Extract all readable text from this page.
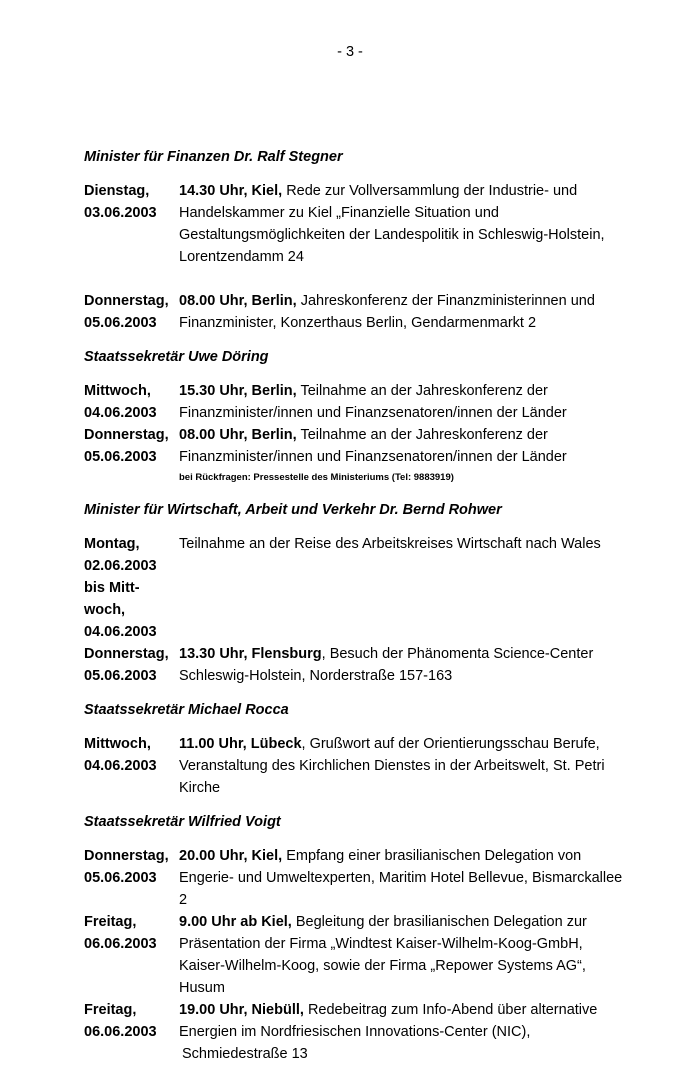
- 3 -
Minister für Finanzen Dr. Ralf Stegner
Dienstag,
03.06.2003
14.30 Uhr, Kiel, Rede zur Vollversammlung der Industrie- und Handelskammer zu Kiel „Finanzielle Situation und Gestaltungsmöglichkeiten der Landespolitik in Schleswig-Holstein, Lorentzendamm 24
Donnerstag,
05.06.2003
08.00 Uhr, Berlin, Jahreskonferenz der Finanzministerinnen und Finanzminister, Konzerthaus Berlin, Gendarmenmarkt 2
Staatssekretär Uwe Döring
Mittwoch,
04.06.2003
15.30 Uhr, Berlin, Teilnahme an der Jahreskonferenz der Finanzminister/innen und Finanzsenatoren/innen der Länder
Donnerstag,
05.06.2003
08.00 Uhr, Berlin, Teilnahme an der Jahreskonferenz der Finanzminister/innen und Finanzsenatoren/innen der Länder
bei Rückfragen: Pressestelle des Ministeriums (Tel: 9883919)
Minister für Wirtschaft, Arbeit und Verkehr Dr. Bernd Rohwer
Montag,
02.06.2003
bis Mitt-
woch,
04.06.2003
Teilnahme an der Reise des Arbeitskreises Wirtschaft nach Wales
Donnerstag,
05.06.2003
13.30 Uhr, Flensburg, Besuch der Phänomenta Science-Center Schleswig-Holstein, Norderstraße 157-163
Staatssekretär Michael Rocca
Mittwoch,
04.06.2003
11.00 Uhr, Lübeck, Grußwort auf der Orientierungsschau Berufe, Veranstaltung des Kirchlichen Dienstes in der Arbeitswelt, St. Petri Kirche
Staatssekretär Wilfried Voigt
Donnerstag,
05.06.2003
20.00 Uhr, Kiel, Empfang einer brasilianischen Delegation von Engerie- und Umweltexperten, Maritim Hotel Bellevue, Bismarckallee 2
Freitag,
06.06.2003
9.00 Uhr ab Kiel, Begleitung der brasilianischen Delegation zur Präsentation der Firma „Windtest Kaiser-Wilhelm-Koog-GmbH, Kaiser-Wilhelm-Koog, sowie der Firma „Repower Systems AG“, Husum
Freitag,
06.06.2003
19.00 Uhr, Niebüll, Redebeitrag zum Info-Abend über alternative Energien im Nordfriesischen Innovations-Center (NIC),
Schmiedestraße 13
